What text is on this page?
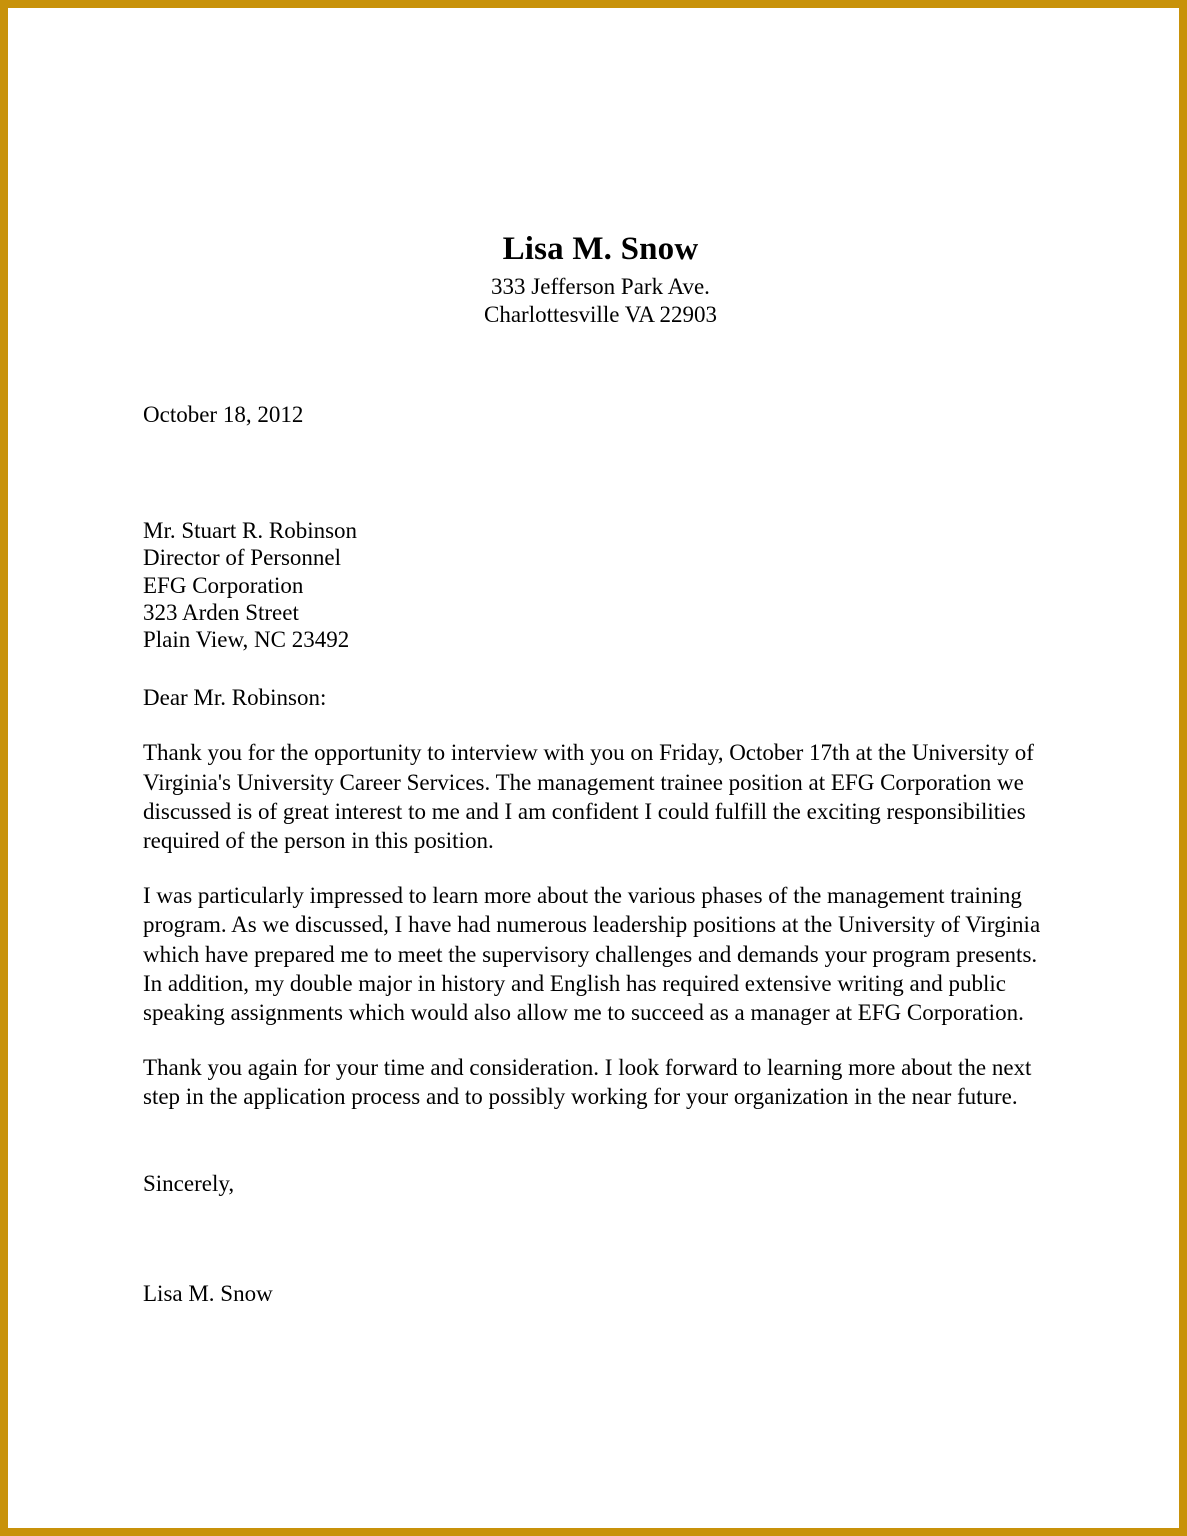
Lisa M. Snow
333 Jefferson Park Ave.
Charlottesville VA 22903
October 18, 2012
Mr. Stuart R. Robinson
Director of Personnel
EFG Corporation
323 Arden Street
Plain View, NC 23492
Dear Mr. Robinson:

Thank you for the opportunity to interview with you on Friday, October 17th at the University of Virginia's University Career Services. The management trainee position at EFG Corporation we discussed is of great interest to me and I am confident I could fulfill the exciting responsibilities required of the person in this position.

I was particularly impressed to learn more about the various phases of the management training program. As we discussed, I have had numerous leadership positions at the University of Virginia which have prepared me to meet the supervisory challenges and demands your program presents. In addition, my double major in history and English has required extensive writing and public speaking assignments which would also allow me to succeed as a manager at EFG Corporation.

Thank you again for your time and consideration. I look forward to learning more about the next step in the application process and to possibly working for your organization in the near future.

Sincerely,
Lisa M. Snow
